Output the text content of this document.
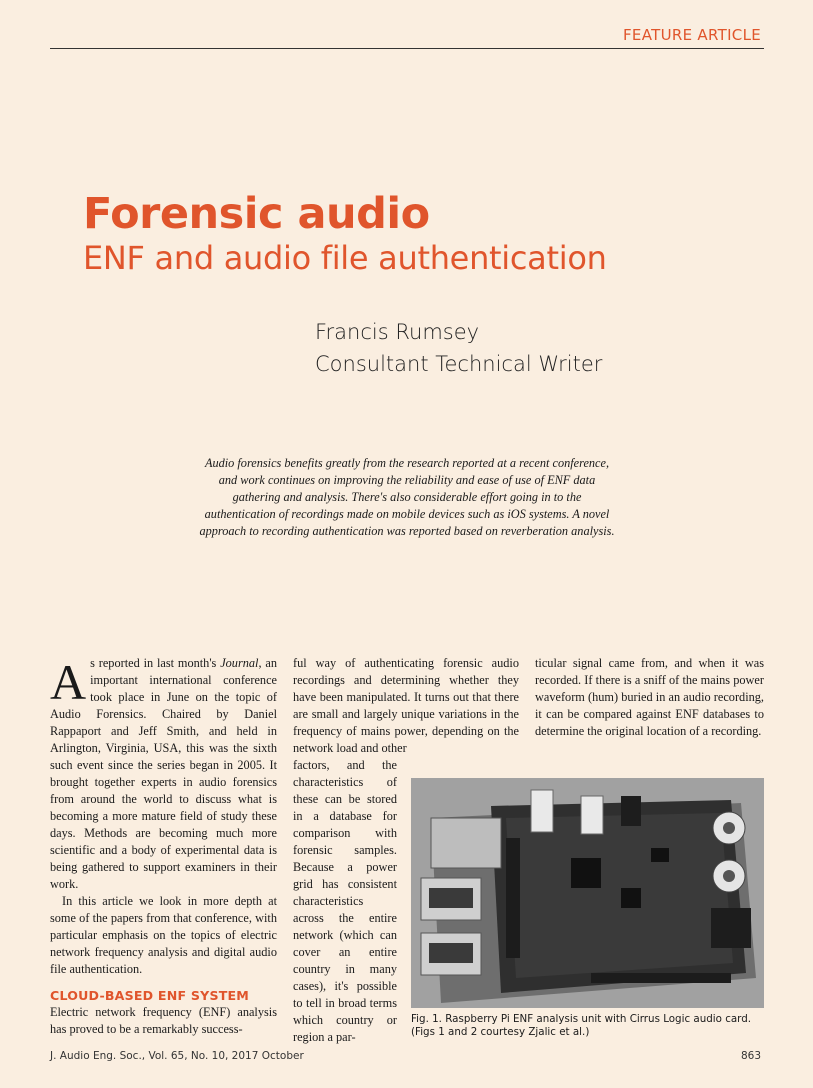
FEATURE ARTICLE
Forensic audio
ENF and audio file authentication
Francis Rumsey
Consultant Technical Writer
Audio forensics benefits greatly from the research reported at a recent conference, and work continues on improving the reliability and ease of use of ENF data gathering and analysis. There's also considerable effort going in to the authentication of recordings made on mobile devices such as iOS systems. A novel approach to recording authentication was reported based on reverberation analysis.

As reported in last month's Journal, an important international conference took place in June on the topic of Audio Forensics. Chaired by Daniel Rappaport and Jeff Smith, and held in Arlington, Virginia, USA, this was the sixth such event since the series began in 2005. It brought together experts in audio forensics from around the world to discuss what is becoming a more mature field of study these days. Methods are becoming much more scientific and a body of experimental data is being gathered to support examiners in their work.

In this article we look in more depth at some of the papers from that conference, with particular emphasis on the topics of electric network frequency analysis and digital audio file authentication.

CLOUD-BASED ENF SYSTEM

Electric network frequency (ENF) analysis has proved to be a remarkably success-

ful way of authenticating forensic audio recordings and determining whether they have been manipulated. It turns out that there are small and largely unique variations in the frequency of mains power, depending on the network load and other

factors, and the characteristics of these can be stored in a database for comparison with forensic samples. Because a power grid has consistent characteristics across the entire network (which can cover an entire country in many cases), it's possible to tell in broad terms which country or region a par-

ticular signal came from, and when it was recorded. If there is a sniff of the mains power waveform (hum) buried in an audio recording, it can be compared against ENF databases to determine the original location of a recording.

Fig. 1. Raspberry Pi ENF analysis unit with Cirrus Logic audio card.
(Figs 1 and 2 courtesy Zjalic et al.)
J. Audio Eng. Soc., Vol. 65, No. 10, 2017 October	863
